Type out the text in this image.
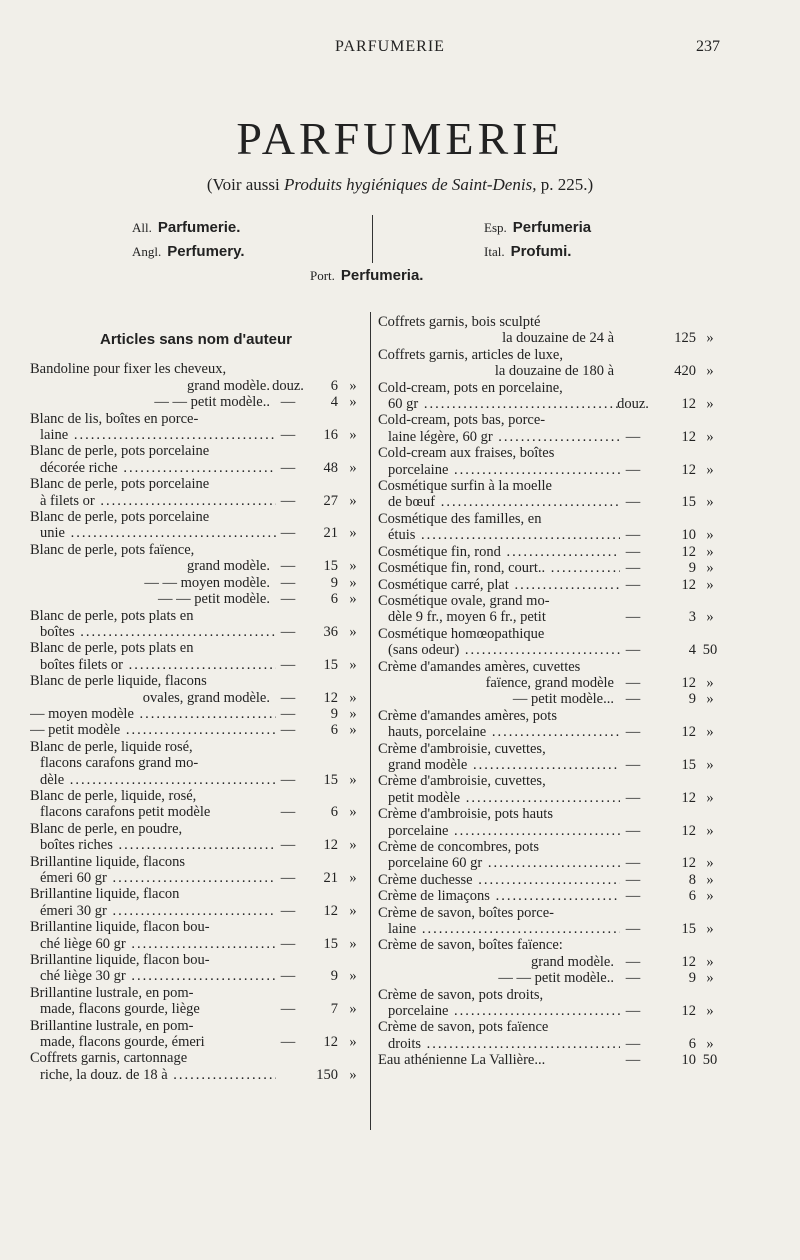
PARFUMERIE	237
PARFUMERIE
(Voir aussi Produits hygiéniques de Saint-Denis, p. 225.)
All. Parfumerie.
Angl. Perfumery.
Esp. Perfumeria
Ital. Profumi.
Port. Perfumeria.
Articles sans nom d'auteur
Bandoline pour fixer les cheveux,
grand modèle. douz.	6 »
— — petit modèle.. —	4 »
Blanc de lis, boîtes en porce-
laine .....	—	16 »
Blanc de perle, pots porcelaine
décorée riche .....	—	48 »
Blanc de perle, pots porcelaine
à filets or .....	—	27 »
Blanc de perle, pots porcelaine
unie .....	—	21 »
Blanc de perle, pots faïence,
grand modèle. —	15 »
— — moyen modèle. —	9 »
— — petit modèle. —	6 »
Blanc de perle, pots plats en
boîtes .....	—	36 »
Blanc de perle, pots plats en
boîtes filets or .....	—	15 »
Blanc de perle liquide, flacons
ovales, grand modèle. —	12 »
— moyen modèle .....	—	9 »
— petit modèle .....	—	6 »
Blanc de perle, liquide rosé,
flacons carafons grand mo-
dèle .....	—	15 »
Blanc de perle, liquide, rosé,
flacons carafons petit modèle	—	6 »
Blanc de perle, en poudre,
boîtes riches .....	—	12 »
Brillantine liquide, flacons
émeri 60 gr .....	—	21 »
Brillantine liquide, flacon
émeri 30 gr .....	—	12 »
Brillantine liquide, flacon bou-
ché liège 60 gr .....	—	15 »
Brillantine liquide, flacon bou-
ché liège 30 gr .....	—	9 »
Brillantine lustrale, en pom-
made, flacons gourde, liège	—	7 »
Brillantine lustrale, en pom-
made, flacons gourde, émeri	—	12 »
Coffrets garnis, cartonnage
riche, la douz. de 18 à .....	150 »
Coffrets garnis, bois sculpté
la douzaine de 24 à	125 »
Coffrets garnis, articles de luxe,
la douzaine de 180 à	420 »
Cold-cream, pots en porcelaine,
60 gr .....	douz.	12 »
Cold-cream, pots bas, porce-
laine légère, 60 gr .....	—	12 »
Cold-cream aux fraises, boîtes
porcelaine .....	—	12 »
Cosmétique surfin à la moelle
de bœuf .....	—	15 »
Cosmétique des familles, en
étuis .....	—	10 »
Cosmétique fin, rond .....	—	12 »
Cosmétique fin, rond, court.. .....	—	9 »
Cosmétique carré, plat .....	—	12 »
Cosmétique ovale, grand mo-
dèle 9 fr., moyen 6 fr., petit	—	3 »
Cosmétique homœopathique
(sans odeur) .....	—	4 50
Crème d'amandes amères, cuvettes
faïence, grand modèle —	12 »
— petit modèle... —	9 »
Crème d'amandes amères, pots
hauts, porcelaine .....	—	12 »
Crème d'ambroisie, cuvettes,
grand modèle .....	—	15 »
Crème d'ambroisie, cuvettes,
petit modèle .....	—	12 »
Crème d'ambroisie, pots hauts
porcelaine .....	—	12 »
Crème de concombres, pots
porcelaine 60 gr .....	—	12 »
Crème duchesse .....	—	8 »
Crème de limaçons .....	—	6 »
Crème de savon, boîtes porce-
laine .....	—	15 »
Crème de savon, boîtes faïence:
grand modèle. —	12 »
— — petit modèle.. —	9 »
Crème de savon, pots droits,
porcelaine .....	—	12 »
Crème de savon, pots faïence
droits .....	—	6 »
Eau athénienne La Vallière...	—	10 50
